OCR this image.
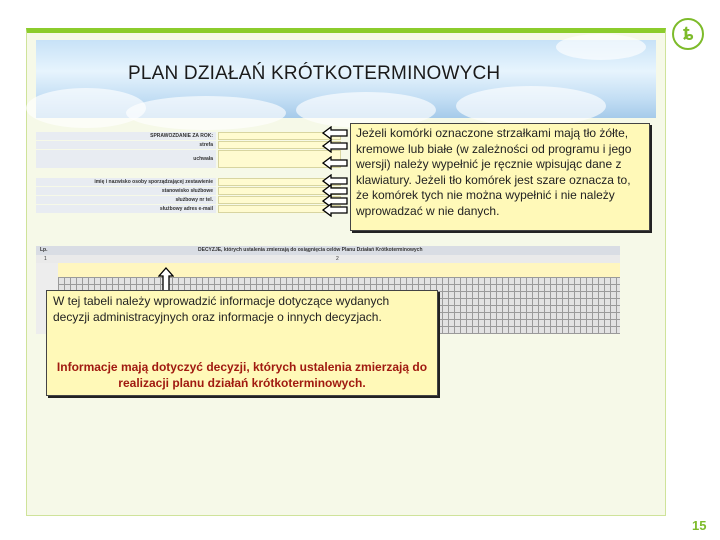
ȶ
PLAN DZIAŁAŃ KRÓTKOTERMINOWYCH
SPRAWOZDANIE ZA ROK:
strefa
uchwała
imię i nazwisko osoby sporządzającej zestawienie
stanowisko służbowe
służbowy nr tel.
służbowy adres e-mail
Jeżeli komórki oznaczone strzałkami mają tło żółte, kremowe lub białe (w zależności od programu i jego wersji) należy wypełnić je ręcznie wpisując dane z klawiatury. Jeżeli tło komórek jest szare oznacza to, że komórek tych nie można wypełnić i nie należy wprowadzać w nie danych.
Lp.	DECYZJE, których ustalenia zmierzają do osiągnięcia celów Planu Działań Krótkoterminowych
1	2
W tej tabeli należy wprowadzić informacje dotyczące wydanych decyzji administracyjnych oraz informacje o innych decyzjach.
Informacje mają dotyczyć decyzji, których ustalenia zmierzają do realizacji planu działań krótkoterminowych.
15
